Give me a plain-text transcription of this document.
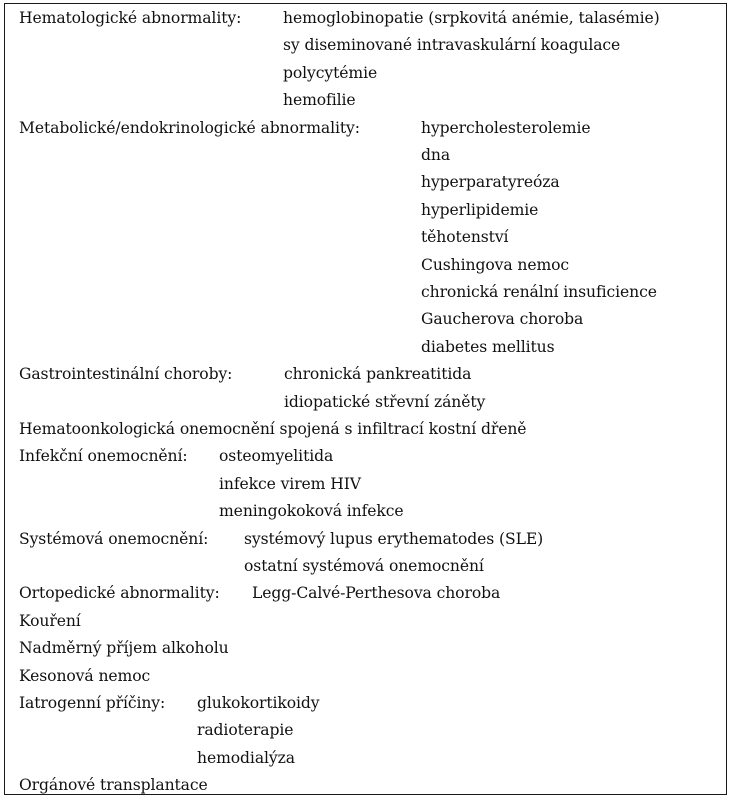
Hematologické abnormality:	hemoglobinopatie (srpkovitá anémie, talasémie)
sy diseminované intravaskulární koagulace
polycytémie
hemofilie
Metabolické/endokrinologické abnormality:	hypercholesterolemie
dna
hyperparatyreóza
hyperlipidemie
těhotenství
Cushingova nemoc
chronická renální insuficience
Gaucherova choroba
diabetes mellitus
Gastrointestinální choroby:	chronická pankreatitida
idiopatické střevní záněty
Hematoonkologická onemocnění spojená s infiltrací kostní dřeně
Infekční onemocnění: osteomyelitida
infekce virem HIV
meningokoková infekce
Systémová onemocnění: systémový lupus erythematodes (SLE)
ostatní systémová onemocnění
Ortopedické abnormality: Legg-Calvé-Perthesova choroba
Kouření
Nadměrný příjem alkoholu
Kesonová nemoc
Iatrogenní příčiny: glukokortikoidy
radioterapie
hemodialýza
Orgánové transplantace
